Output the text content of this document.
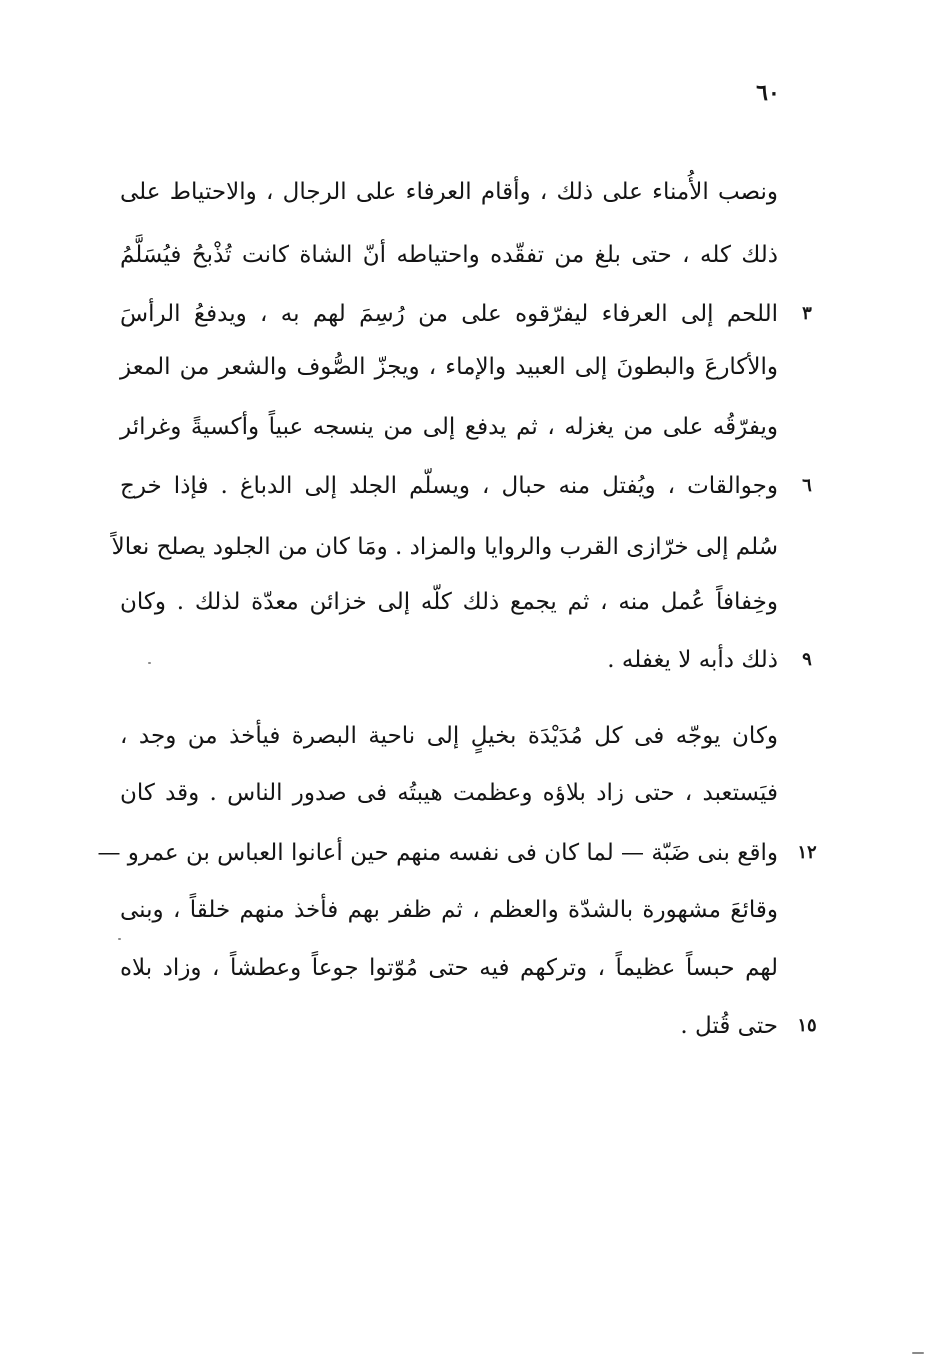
٦٠
ونصب الأُمناء على ذلك ، وأقام العرفاء على الرجال ، والاحتياط على
ذلك كله ، حتى بلغ من تفقّده واحتياطه أنّ الشاة كانت تُذْبحُ فيُسَلَّمُ
٣
اللحم إلى العرفاء ليفرّقوه على من رُسِمَ لهم به ، ويدفعُ الرأسَ
والأكارعَ والبطونَ إلى العبيد والإماء ، ويجزّ الصُّوف والشعر من المعز
ويفرّقُه على من يغزله ، ثم يدفع إلى من ينسجه عبياً وأكسيةً وغرائر
٦
وجوالقات ، ويُفتل منه حبال ، ويسلّم الجلد إلى الدباغ . فإذا خرج
سُلم إلى خرّازى القرب والروايا والمزاد . ومَا كان من الجلود يصلح نعالاً
وخِفافاً عُمل منه ، ثم يجمع ذلك كلّه إلى خزائن معدّة لذلك . وكان
٩
ذلك دأبه لا يغفله .
وكان يوجّه فى كل مُدَيْدَة بخيلٍ إلى ناحية البصرة فيأخذ من وجد ،
فيَستعبد ، حتى زاد بلاؤه وعظمت هيبتُه فى صدور الناس . وقد كان
١٢
واقع بنى ضَبّة — لما كان فى نفسه منهم حين أعانوا العباس بن عمرو —
وقائعَ مشهورة بالشدّة والعظم ، ثم ظفر بهم فأخذ منهم خلقاً ، وبنى
لهم حبساً عظيماً ، وتركهم فيه حتى مُوّتوا جوعاً وعطشاً ، وزاد بلاه
١٥
حتى قُتل .
